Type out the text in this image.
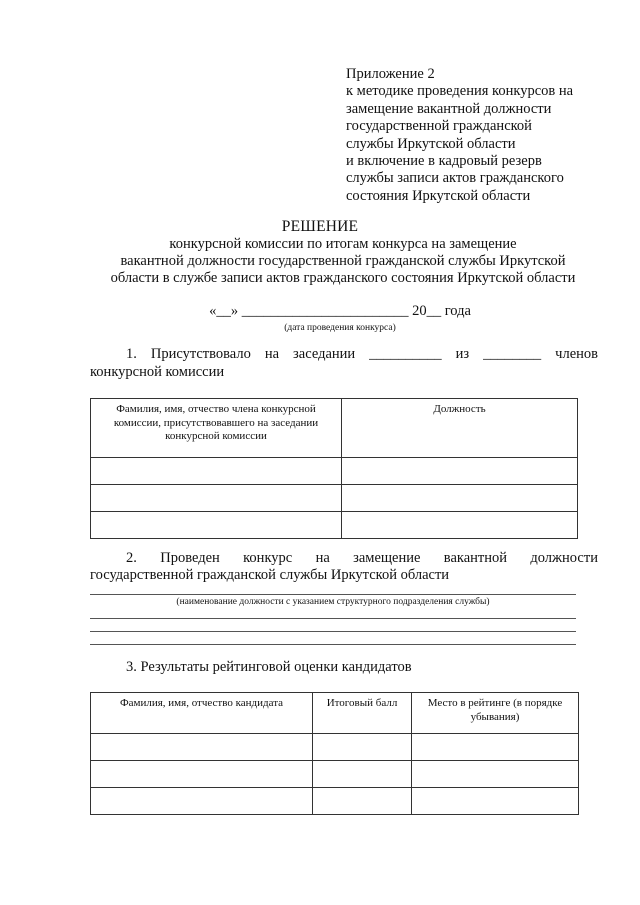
Приложение 2
к методике проведения конкурсов на
замещение вакантной должности
государственной гражданской
службы Иркутской области
и включение в кадровый резерв
службы записи актов гражданского
состояния Иркутской области
РЕШЕНИЕ
конкурсной комиссии по итогам конкурса на замещение
вакантной должности государственной гражданской службы Иркутской
области в службе записи актов гражданского состояния Иркутской области
«__» _______________________ 20__ года
(дата проведения конкурса)
1. Присутствовало на заседании __________ из ________ членов
конкурсной комиссии
Фамилия, имя, отчество члена конкурсной комиссии, присутствовавшего на заседании конкурсной комиссии	Должность

2. Проведен конкурс на замещение вакантной должности
государственной гражданской службы Иркутской области
(наименование должности с указанием структурного подразделения службы)
3. Результаты рейтинговой оценки кандидатов
Фамилия, имя, отчество кандидата	Итоговый балл	Место в рейтинге (в порядке убывания)
